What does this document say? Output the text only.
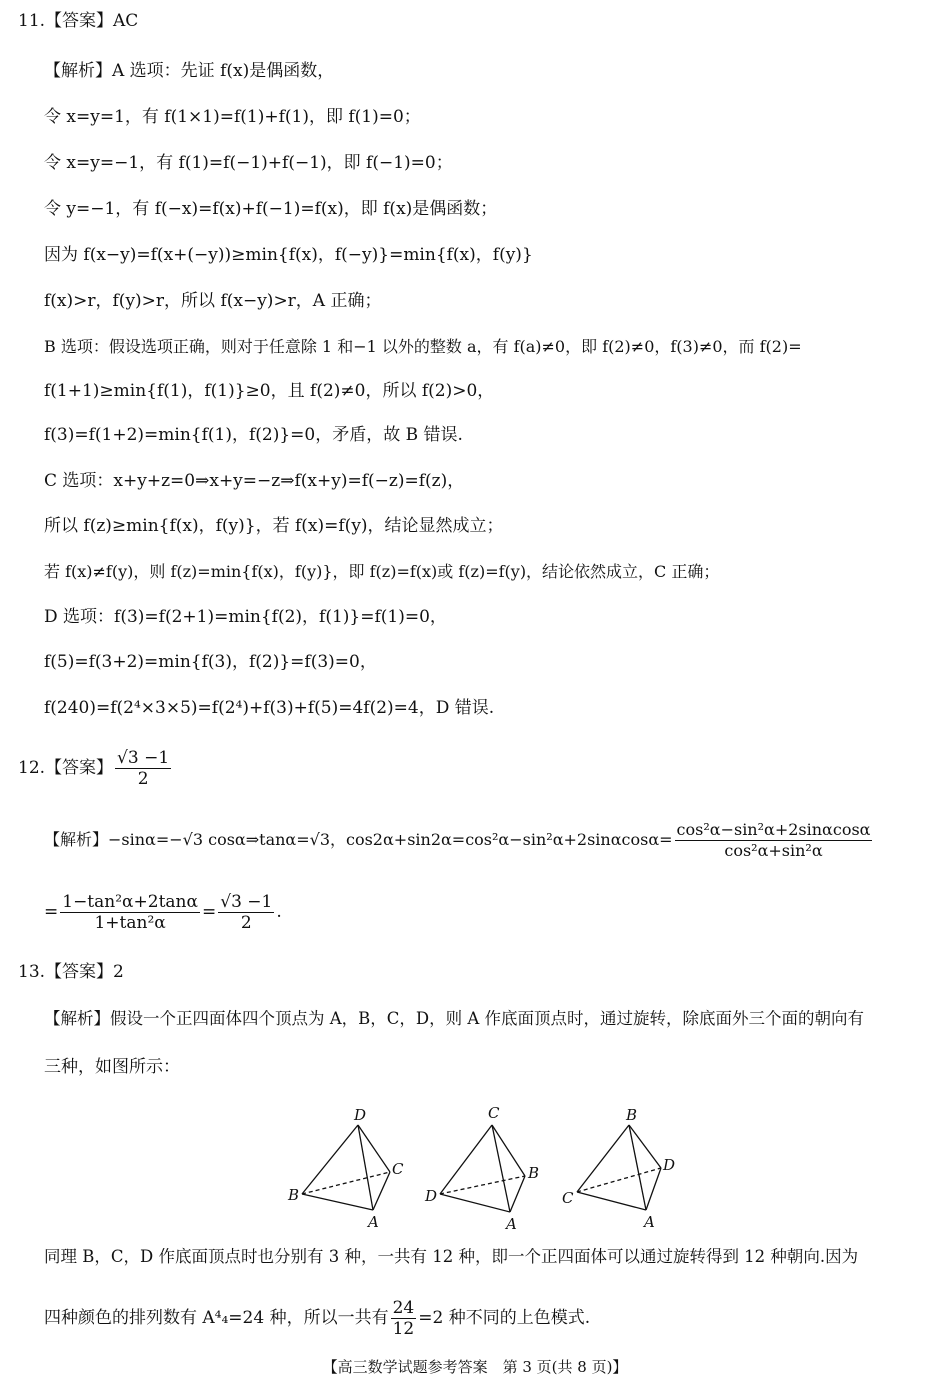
11.【答案】AC
【解析】A 选项：先证 f(x)是偶函数，
令 x=y=1，有 f(1×1)=f(1)+f(1)，即 f(1)=0；
令 x=y=−1，有 f(1)=f(−1)+f(−1)，即 f(−1)=0；
令 y=−1，有 f(−x)=f(x)+f(−1)=f(x)，即 f(x)是偶函数；
因为 f(x−y)=f(x+(−y))≥min{f(x)，f(−y)}=min{f(x)，f(y)}
f(x)>r，f(y)>r，所以 f(x−y)>r，A 正确；
B 选项：假设选项正确，则对于任意除 1 和−1 以外的整数 a，有 f(a)≠0，即 f(2)≠0，f(3)≠0，而 f(2)=
f(1+1)≥min{f(1)，f(1)}≥0，且 f(2)≠0，所以 f(2)>0，
f(3)=f(1+2)=min{f(1)，f(2)}=0，矛盾，故 B 错误.
C 选项：x+y+z=0⇒x+y=−z⇒f(x+y)=f(−z)=f(z)，
所以 f(z)≥min{f(x)，f(y)}，若 f(x)=f(y)，结论显然成立；
若 f(x)≠f(y)，则 f(z)=min{f(x)，f(y)}，即 f(z)=f(x)或 f(z)=f(y)，结论依然成立，C 正确；
D 选项：f(3)=f(2+1)=min{f(2)，f(1)}=f(1)=0，
f(5)=f(3+2)=min{f(3)，f(2)}=f(3)=0，
f(240)=f(2⁴×3×5)=f(2⁴)+f(3)+f(5)=4f(2)=4，D 错误.
12.【答案】 $\frac{√3 -1}{2}$
【解析】−sinα=−√3 cosα⇒tanα=√3，$\cos 2\alpha+\sin 2\alpha=\cos^2\alpha-\sin^2\alpha+2\sin\alpha\cos\alpha= \frac{\text{cos²α−sin²α+2sinαcosα}}{\text{cos²α+sin²α}}$
= $\frac{\text{1−tan²α+2tanα}}{\text{1+tan²α}} = \frac{√3 -1}{2}$ .
13.【答案】2
【解析】假设一个正四面体四个顶点为 A，B，C，D，则 A 作底面顶点时，通过旋转，除底面外三个面的朝向有
三种，如图所示：
D
B
C
A
C
D
B
A
B
C
D
A
同理 B，C，D 作底面顶点时也分别有 3 种，一共有 12 种，即一个正四面体可以通过旋转得到 12 种朝向.因为
四种颜色的排列数有 A⁴₄=24 种，所以一共有 $\frac{24}{12} =2$ 种不同的上色模式.
【高三数学试题参考答案　第 3 页(共 8 页)】
